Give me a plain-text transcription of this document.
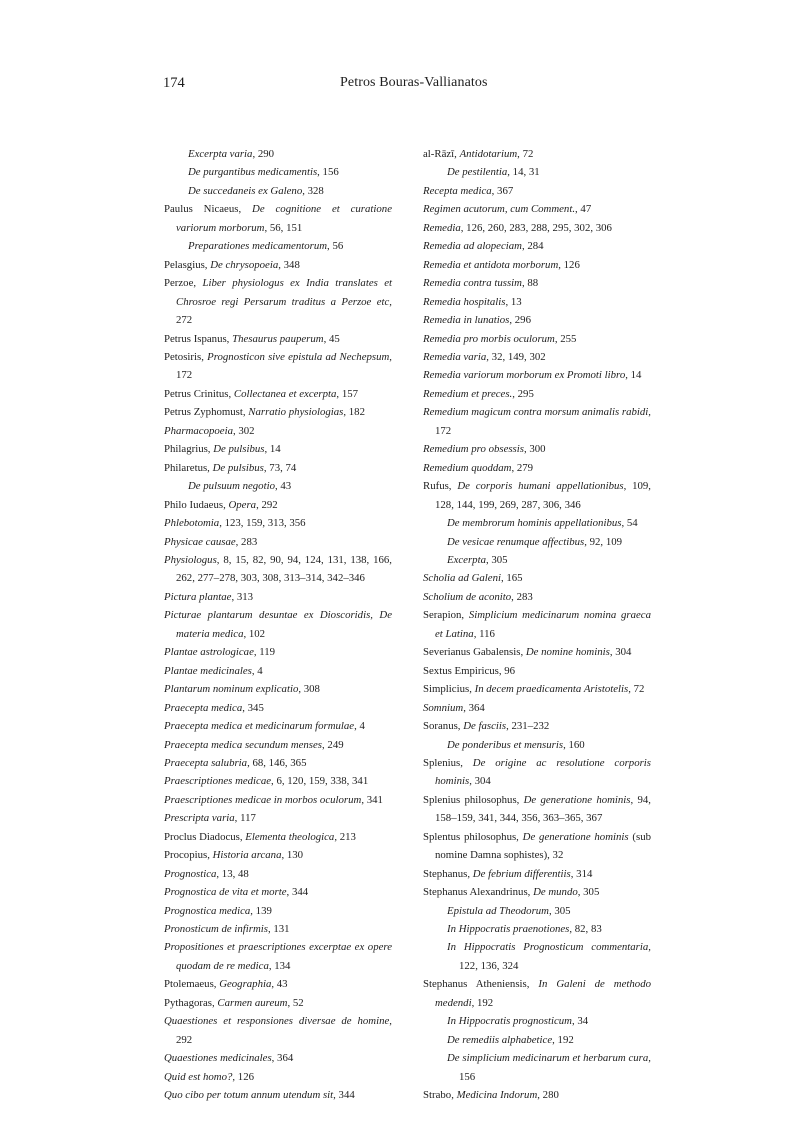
174	Petros Bouras-Vallianatos

Excerpta varia, 290

De purgantibus medicamentis, 156

De succedaneis ex Galeno, 328

Paulus Nicaeus, De cognitione et curatione variorum morborum, 56, 151

Preparationes medicamentorum, 56

Pelasgius, De chrysopoeia, 348

Perzoe, Liber physiologus ex India translates et Chrosroe regi Persarum traditus a Perzoe etc, 272

Petrus Ispanus, Thesaurus pauperum, 45

Petosiris, Prognosticon sive epistula ad Nechepsum, 172

Petrus Crinitus, Collectanea et excerpta, 157

Petrus Zyphomust, Narratio physiologias, 182

Pharmacopoeia, 302

Philagrius, De pulsibus, 14

Philaretus, De pulsibus, 73, 74

De pulsuum negotio, 43

Philo Iudaeus, Opera, 292

Phlebotomia, 123, 159, 313, 356

Physicae causae, 283

Physiologus, 8, 15, 82, 90, 94, 124, 131, 138, 166, 262, 277–278, 303, 308, 313–314, 342–346

Pictura plantae, 313

Picturae plantarum desuntae ex Dioscoridis, De materia medica, 102

Plantae astrologicae, 119

Plantae medicinales, 4

Plantarum nominum explicatio, 308

Praecepta medica, 345

Praecepta medica et medicinarum formulae, 4

Praecepta medica secundum menses, 249

Praecepta salubria, 68, 146, 365

Praescriptiones medicae, 6, 120, 159, 338, 341

Praescriptiones medicae in morbos oculorum, 341

Prescripta varia, 117

Proclus Diadocus, Elementa theologica, 213

Procopius, Historia arcana, 130

Prognostica, 13, 48

Prognostica de vita et morte, 344

Prognostica medica, 139

Pronosticum de infirmis, 131

Propositiones et praescriptiones excerptae ex opere quodam de re medica, 134

Ptolemaeus, Geographia, 43

Pythagoras, Carmen aureum, 52

Quaestiones et responsiones diversae de homine, 292

Quaestiones medicinales, 364

Quid est homo?, 126

Quo cibo per totum annum utendum sit, 344

al-Rāzī, Antidotarium, 72

De pestilentia, 14, 31

Recepta medica, 367

Regimen acutorum, cum Comment., 47

Remedia, 126, 260, 283, 288, 295, 302, 306

Remedia ad alopeciam, 284

Remedia et antidota morborum, 126

Remedia contra tussim, 88

Remedia hospitalis, 13

Remedia in lunatios, 296

Remedia pro morbis oculorum, 255

Remedia varia, 32, 149, 302

Remedia variorum morborum ex Promoti libro, 14

Remedium et preces., 295

Remedium magicum contra morsum animalis rabidi, 172

Remedium pro obsessis, 300

Remedium quoddam, 279

Rufus, De corporis humani appellationibus, 109, 128, 144, 199, 269, 287, 306, 346

De membrorum hominis appellationibus, 54

De vesicae renumque affectibus, 92, 109

Excerpta, 305

Scholia ad Galeni, 165

Scholium de aconito, 283

Serapion, Simplicium medicinarum nomina graeca et Latina, 116

Severianus Gabalensis, De nomine hominis, 304

Sextus Empiricus, 96

Simplicius, In decem praedicamenta Aristotelis, 72

Somnium, 364

Soranus, De fasciis, 231–232

De ponderibus et mensuris, 160

Splenius, De origine ac resolutione corporis hominis, 304

Splenius philosophus, De generatione hominis, 94, 158–159, 341, 344, 356, 363–365, 367

Splentus philosophus, De generatione hominis (sub nomine Damna sophistes), 32

Stephanus, De febrium differentiis, 314

Stephanus Alexandrinus, De mundo, 305

Epistula ad Theodorum, 305

In Hippocratis praenotiones, 82, 83

In Hippocratis Prognosticum commentaria, 122, 136, 324

Stephanus Atheniensis, In Galeni de methodo medendi, 192

In Hippocratis prognosticum, 34

De remediis alphabetice, 192

De simplicium medicinarum et herbarum cura, 156

Strabo, Medicina Indorum, 280
